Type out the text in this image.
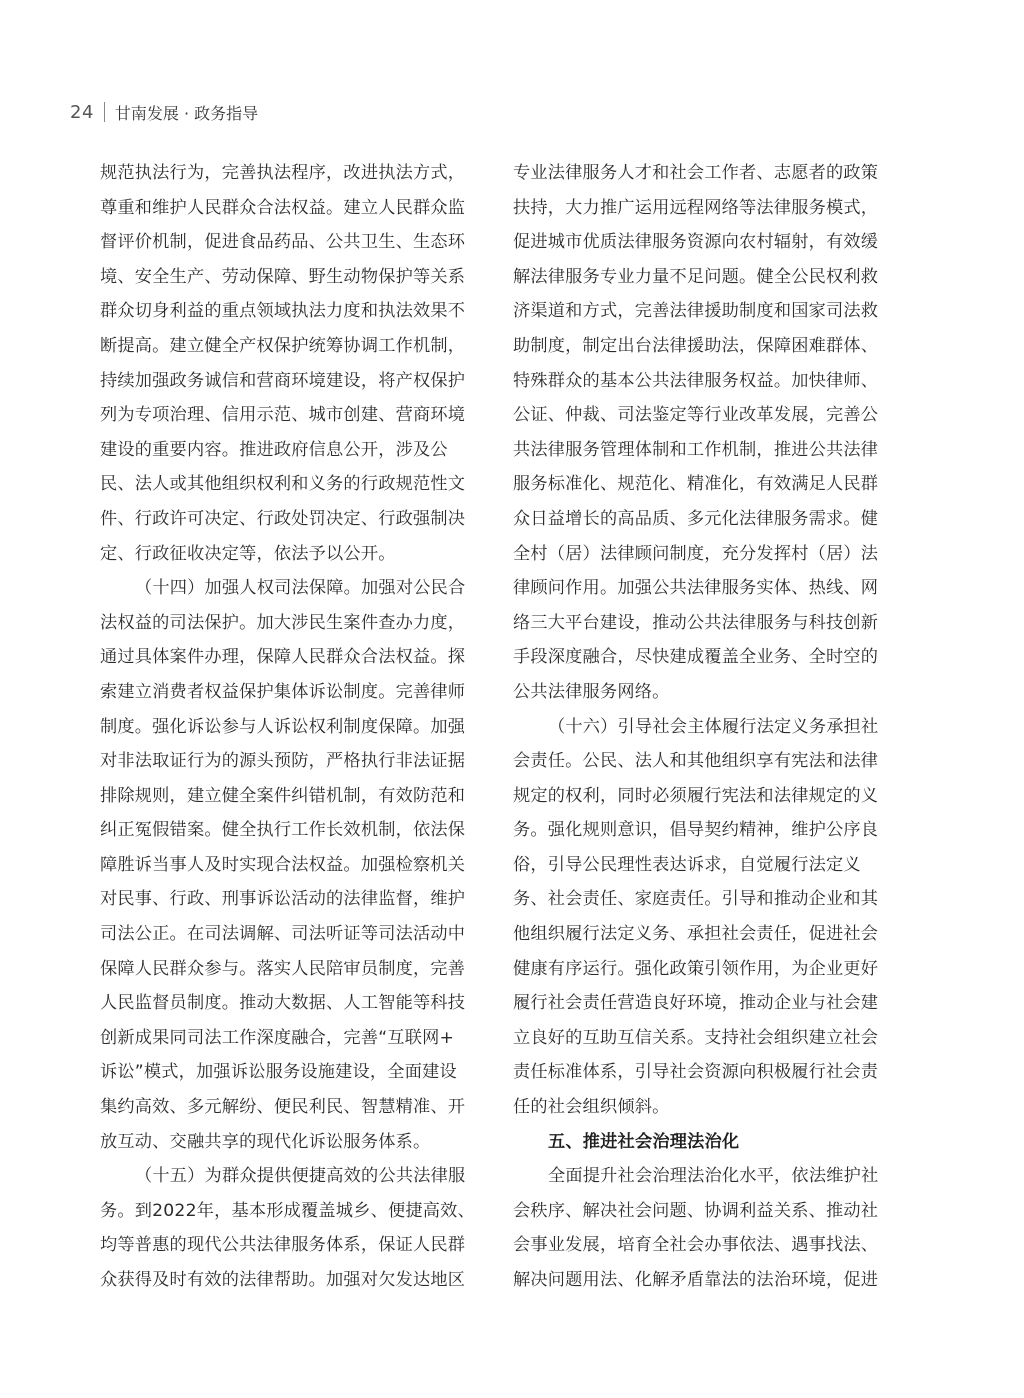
24 甘南发展 · 政务指导
规范执法行为，完善执法程序，改进执法方式，
尊重和维护人民群众合法权益。建立人民群众监
督评价机制，促进食品药品、公共卫生、生态环
境、安全生产、劳动保障、野生动物保护等关系
群众切身利益的重点领域执法力度和执法效果不
断提高。建立健全产权保护统筹协调工作机制，
持续加强政务诚信和营商环境建设，将产权保护
列为专项治理、信用示范、城市创建、营商环境
建设的重要内容。推进政府信息公开，涉及公
民、法人或其他组织权利和义务的行政规范性文
件、行政许可决定、行政处罚决定、行政强制决
定、行政征收决定等，依法予以公开。
（十四）加强人权司法保障。加强对公民合
法权益的司法保护。加大涉民生案件查办力度，
通过具体案件办理，保障人民群众合法权益。探
索建立消费者权益保护集体诉讼制度。完善律师
制度。强化诉讼参与人诉讼权利制度保障。加强
对非法取证行为的源头预防，严格执行非法证据
排除规则，建立健全案件纠错机制，有效防范和
纠正冤假错案。健全执行工作长效机制，依法保
障胜诉当事人及时实现合法权益。加强检察机关
对民事、行政、刑事诉讼活动的法律监督，维护
司法公正。在司法调解、司法听证等司法活动中
保障人民群众参与。落实人民陪审员制度，完善
人民监督员制度。推动大数据、人工智能等科技
创新成果同司法工作深度融合，完善“互联网+
诉讼”模式，加强诉讼服务设施建设，全面建设
集约高效、多元解纷、便民利民、智慧精准、开
放互动、交融共享的现代化诉讼服务体系。
（十五）为群众提供便捷高效的公共法律服
务。到2022年，基本形成覆盖城乡、便捷高效、
均等普惠的现代公共法律服务体系，保证人民群
众获得及时有效的法律帮助。加强对欠发达地区
专业法律服务人才和社会工作者、志愿者的政策
扶持，大力推广运用远程网络等法律服务模式，
促进城市优质法律服务资源向农村辐射，有效缓
解法律服务专业力量不足问题。健全公民权利救
济渠道和方式，完善法律援助制度和国家司法救
助制度，制定出台法律援助法，保障困难群体、
特殊群众的基本公共法律服务权益。加快律师、
公证、仲裁、司法鉴定等行业改革发展，完善公
共法律服务管理体制和工作机制，推进公共法律
服务标准化、规范化、精准化，有效满足人民群
众日益增长的高品质、多元化法律服务需求。健
全村（居）法律顾问制度，充分发挥村（居）法
律顾问作用。加强公共法律服务实体、热线、网
络三大平台建设，推动公共法律服务与科技创新
手段深度融合，尽快建成覆盖全业务、全时空的
公共法律服务网络。
（十六）引导社会主体履行法定义务承担社
会责任。公民、法人和其他组织享有宪法和法律
规定的权利，同时必须履行宪法和法律规定的义
务。强化规则意识，倡导契约精神，维护公序良
俗，引导公民理性表达诉求，自觉履行法定义
务、社会责任、家庭责任。引导和推动企业和其
他组织履行法定义务、承担社会责任，促进社会
健康有序运行。强化政策引领作用，为企业更好
履行社会责任营造良好环境，推动企业与社会建
立良好的互助互信关系。支持社会组织建立社会
责任标准体系，引导社会资源向积极履行社会责
任的社会组织倾斜。
五、推进社会治理法治化
全面提升社会治理法治化水平，依法维护社
会秩序、解决社会问题、协调利益关系、推动社
会事业发展，培育全社会办事依法、遇事找法、
解决问题用法、化解矛盾靠法的法治环境，促进
